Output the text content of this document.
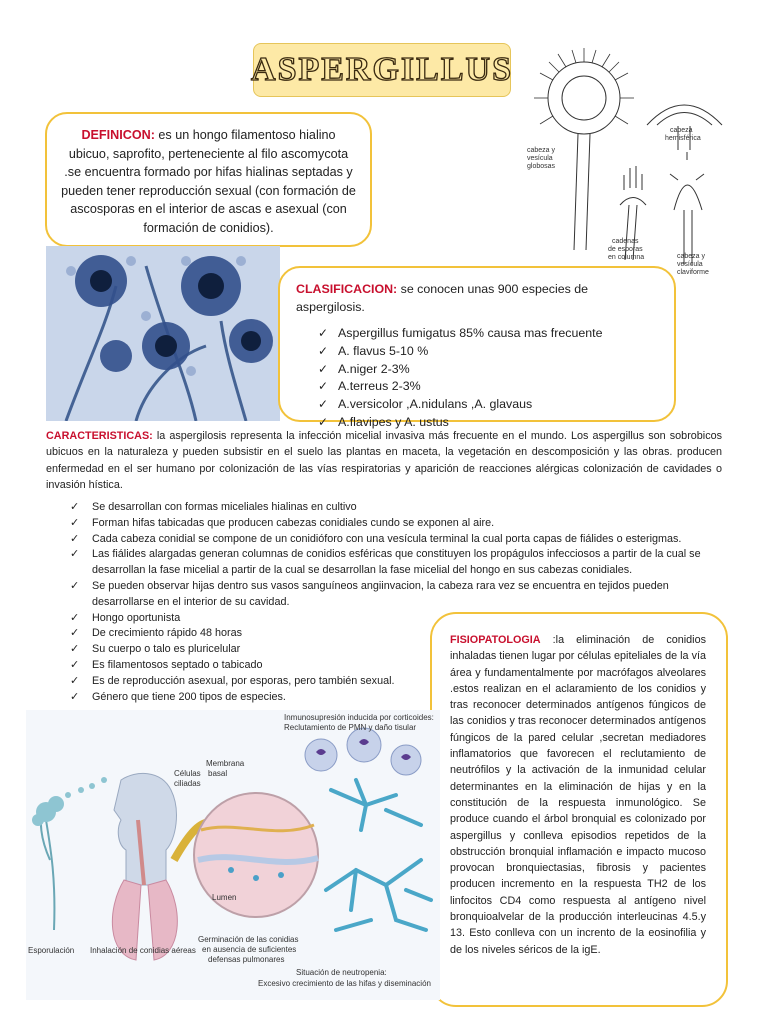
ASPERGILLUS
DEFINICON: es un hongo filamentoso hialino ubicuo, saprofito, perteneciente al filo ascomycota .se encuentra formado por hifas hialinas septadas y pueden tener reproducción sexual (con formación de ascosporas en el interior de ascas e asexual (con formación de conidios).
CLASIFICACION: se conocen unas 900 especies de aspergilosis.
✓ Aspergillus fumigatus 85% causa mas frecuente
✓ A. flavus 5-10 %
✓ A.niger 2-3%
✓ A.terreus 2-3%
✓ A.versicolor ,A.nidulans ,A. glavaus
✓ A.flavipes y A. ustus
cabeza y vesícula globosas
cabeza hemisférica
cadenas de esporas en columna	cabeza y vesícula claviforme

CARACTERISTICAS: la aspergilosis representa la infección micelial invasiva más frecuente en el mundo. Los aspergillus son sobrobicos ubicuos en la naturaleza y pueden subsistir en el suelo las plantas en maceta, la vegetación en descomposición y las obras. producen enfermedad en el ser humano por colonización de las vías respiratorias y aparición de reacciones alérgicas colonización de cavidades o invasión hística.

✓ Se desarrollan con formas miceliales hialinas en cultivo
✓ Forman hifas tabicadas que producen cabezas conidiales cundo se exponen al aire.
✓ Cada cabeza conidial se compone de un conidióforo con una vesícula terminal la cual porta capas de fiálides o esterigmas.
✓ Las fiálides alargadas generan columnas de conidios esféricas que constituyen los propágulos infecciosos a partir de la cual se desarrollan la fase micelial a partir de la cual se desarrollan la fase micelial del hongo en sus cabezas conidiales.
✓ Se pueden observar hijas dentro sus vasos sanguíneos angiinvacion, la cabeza rara vez se encuentra en tejidos pueden desarrollarse en el interior de su cavidad.
✓ Hongo oportunista
✓ De crecimiento rápido 48 horas
✓ Su cuerpo o talo es pluricelular
✓ Es filamentosos septado o tabicado
✓ Es de reproducción asexual, por esporas, pero también sexual.
✓ Género que tiene 200 tipos de especies.
FISIOPATOLOGIA :la eliminación de conidios inhaladas tienen lugar por células epiteliales de la vía área y fundamentalmente por macrófagos alveolares .estos realizan en el aclaramiento de los conidios y tras reconocer determinados antígenos fúngicos de las conidios y tras reconocer determinados antígenos fúngicos de la pared celular ,secretan mediadores inflamatorios que favorecen el reclutamiento de neutrófilos y la activación de la inmunidad celular determinantes en la eliminación de hijas y en la constitución de la respuesta inmunológico. Se produce cuando el árbol bronquial es colonizado por aspergillus y conlleva episodios repetidos de la obstrucción bronquial inflamación e impacto mucoso provocan bronquiectasias, fibrosis y pacientes producen incremento en la respuesta TH2 de los linfocitos CD4 como respuesta al antígeno nivel bronquioalvelar de la producción interleucinas 4.5.y 13. Esto conlleva con un incrento de la eosinofilia y de los niveles séricos de la igE.
Inmunosupresión inducida por corticoides: Reclutamiento de PMN y daño tisular
Células ciliadas
Membrana basal
Lumen
Esporulación Inhalación de conidias aéreas
Germinación de las conidias en ausencia de suficientes defensas pulmonares
Situación de neutropenia: Excesivo crecimiento de las hifas y diseminación
